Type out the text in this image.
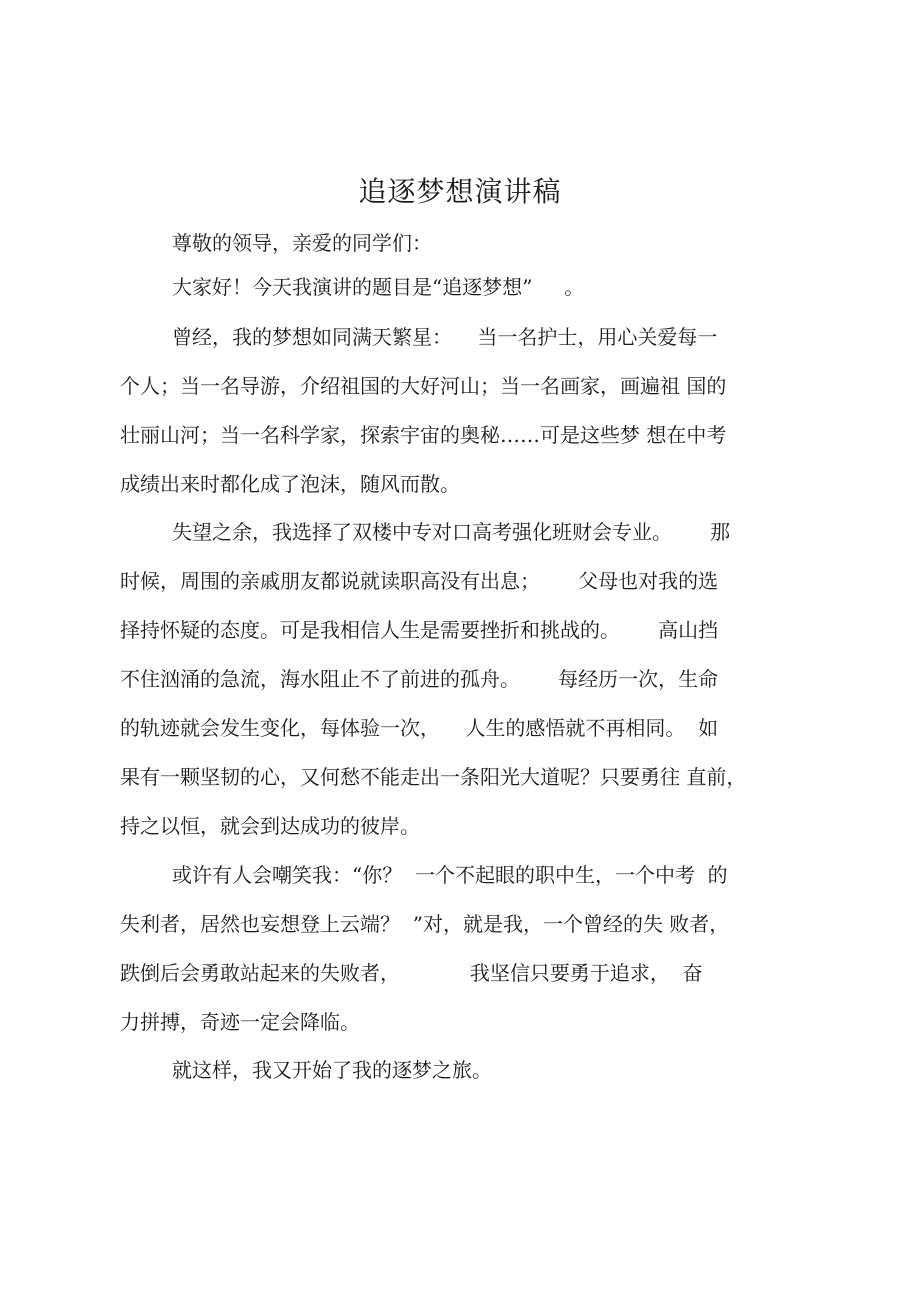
追逐梦想演讲稿

尊敬的领导，亲爱的同学们：

大家好！今天我演讲的题目是“追逐梦想”     。

曾经，我的梦想如同满天繁星：    当一名护士，用心关爱每一

个人；当一名导游，介绍祖国的大好河山；当一名画家，画遍祖 国的

壮丽山河；当一名科学家，探索宇宙的奥秘……可是这些梦 想在中考

成绩出来时都化成了泡沫，随风而散。

失望之余，我选择了双楼中专对口高考强化班财会专业。      那

时候，周围的亲戚朋友都说就读职高没有出息；      父母也对我的选

择持怀疑的态度。可是我相信人生是需要挫折和挑战的。      高山挡

不住汹涌的急流，海水阻止不了前进的孤舟。      每经历一次，生命

的轨迹就会发生变化，每体验一次，    人生的感悟就不再相同。  如

果有一颗坚韧的心，又何愁不能走出一条阳光大道呢？只要勇往 直前，

持之以恒，就会到达成功的彼岸。

或许有人会嘲笑我：“你？  一个不起眼的职中生，一个中考  的

失利者，居然也妄想登上云端？  ”对，就是我，一个曾经的失 败者，

跌倒后会勇敢站起来的失败者，           我坚信只要勇于追求，  奋

力拼搏，奇迹一定会降临。

就这样，我又开始了我的逐梦之旅。
